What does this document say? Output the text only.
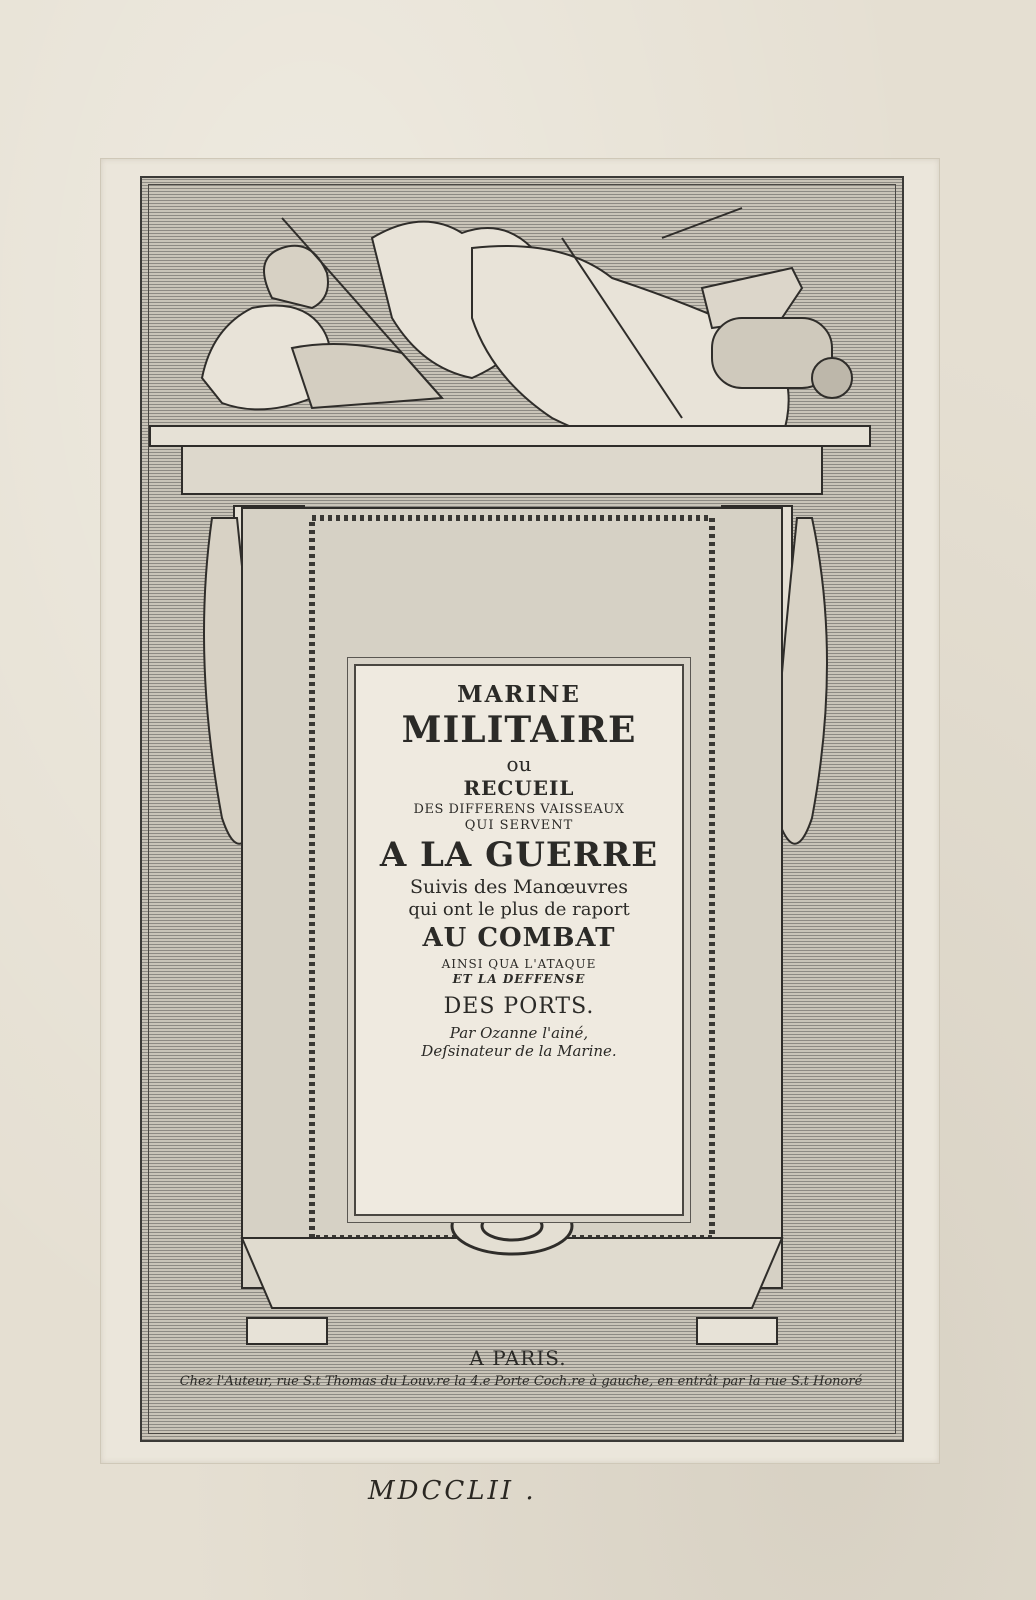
MARINE
MILITAIRE
ou
RECUEIL
DES DIFFERENS VAISSEAUX
QUI SERVENT
A LA GUERRE
Suivis des Manœuvres
qui ont le plus de raport
AU COMBAT
AINSI QUA L'ATAQUE
ET LA DEFFENSE
DES PORTS.
Par Ozanne l'ainé,
Deſsinateur de la Marine.
A PARIS.
Chez l'Auteur, rue S.t Thomas du Louv.re la 4.e Porte Coch.re à gauche, en entrât par la rue S.t Honoré
MDCCLII .
